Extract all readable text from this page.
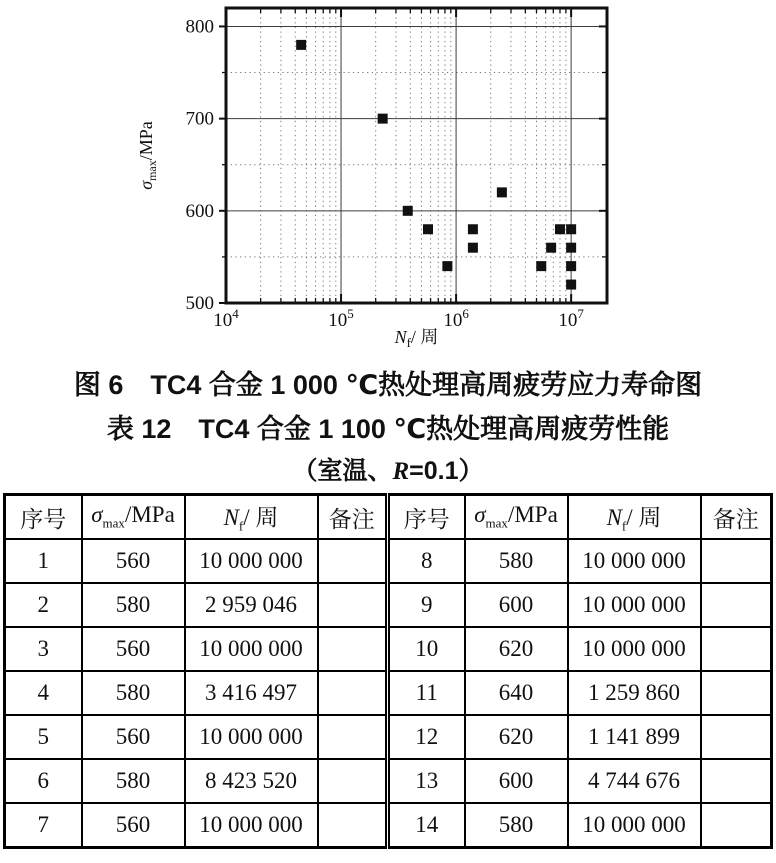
500
600
700
800
$10^4$	$10^5$	$10^6$	$10^7$
$N_f/$ 周
$\sigma_{max}$/MPa
图 6　TC4 合金 1 000 ℃热处理高周疲劳应力寿命图
表 12　TC4 合金 1 100 ℃热处理高周疲劳性能
（室温、R=0.1）
序号	$\sigma_{max}$/MPa	$N_f/$ 周	备注	序号	$\sigma_{max}$/MPa	$N_f/$ 周	备注
1	560	10 000 000		8	580	10 000 000	
2	580	2 959 046		9	600	10 000 000	
3	560	10 000 000		10	620	10 000 000	
4	580	3 416 497		11	640	1 259 860	
5	560	10 000 000		12	620	1 141 899	
6	580	8 423 520		13	600	4 744 676	
7	560	10 000 000		14	580	10 000 000	
